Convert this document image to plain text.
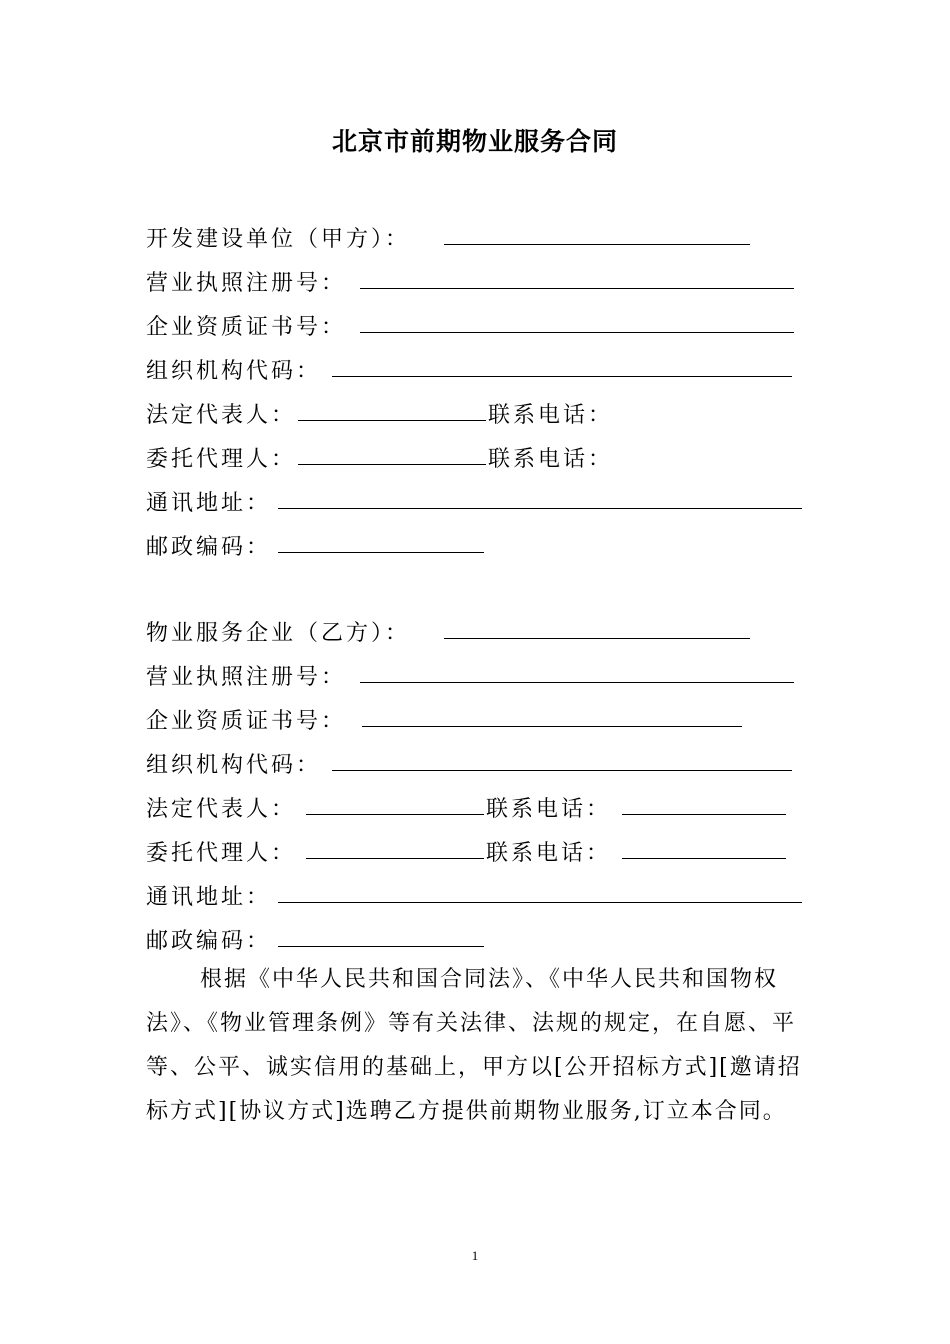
北京市前期物业服务合同
开发建设单位（甲方）：
营业执照注册号：
企业资质证书号：
组织机构代码：
法定代表人：	联系电话：
委托代理人：	联系电话：
通讯地址：
邮政编码：
物业服务企业（乙方）：
营业执照注册号：
企业资质证书号：
组织机构代码：
法定代表人：	联系电话：
委托代理人：	联系电话：
通讯地址：
邮政编码：

根据《中华人民共和国合同法》、《中华人民共和国物权法》、《物业管理条例》等有关法律、法规的规定，在自愿、平等、公平、诚实信用的基础上，甲方以[公开招标方式][邀请招标方式][协议方式]选聘乙方提供前期物业服务,订立本合同。

1
